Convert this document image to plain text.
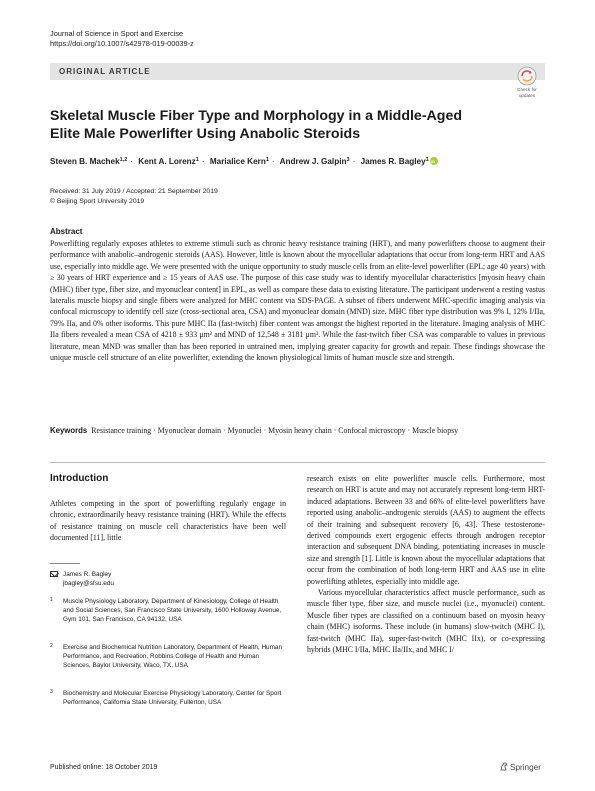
Journal of Science in Sport and Exercise
https://doi.org/10.1007/s42978-019-00039-z
ORIGINAL ARTICLE
Check for
updates
Skeletal Muscle Fiber Type and Morphology in a Middle-Aged Elite Male Powerlifter Using Anabolic Steroids
Steven B. Machek$^{1,2}$ · Kent A. Lorenz$^1$ · Marialice Kern$^1$ · Andrew J. Galpin$^3$ · James R. Bagley$^1$iD
Received: 31 July 2019 / Accepted: 21 September 2019
© Beijing Sport University 2019
Abstract

Powerlifting regularly exposes athletes to extreme stimuli such as chronic heavy resistance training (HRT), and many powerlifters choose to augment their performance with anabolic–androgenic steroids (AAS). However, little is known about the myocellular adaptations that occur from long-term HRT and AAS use, especially into middle age. We were presented with the unique opportunity to study muscle cells from an elite-level powerlifter (EPL; age 40 years) with ≥ 30 years of HRT experience and ≥ 15 years of AAS use. The purpose of this case study was to identify myocellular characteristics [myosin heavy chain (MHC) fiber type, fiber size, and myonuclear content] in EPL, as well as compare these data to existing literature. The participant underwent a resting vastus lateralis muscle biopsy and single fibers were analyzed for MHC content via SDS-PAGE. A subset of fibers underwent MHC-specific imaging analysis via confocal microscopy to identify cell size (cross-sectional area, CSA) and myonuclear domain (MND) size. MHC fiber type distribution was 9% I, 12% I/IIa, 79% IIa, and 0% other isoforms. This pure MHC IIa (fast-twitch) fiber content was amongst the highest reported in the literature. Imaging analysis of MHC IIa fibers revealed a mean CSA of 4218 ± 933 μm² and MND of 12,548 ± 3181 μm³. While the fast-twitch fiber CSA was comparable to values in previous literature, mean MND was smaller than has been reported in untrained men, implying greater capacity for growth and repair. These findings showcase the unique muscle cell structure of an elite powerlifter, extending the known physiological limits of human muscle size and strength.

Keywords Resistance training · Myonuclear domain · Myonuclei · Myosin heavy chain · Confocal microscopy · Muscle biopsy

Introduction

Athletes competing in the sport of powerlifting regularly engage in chronic, extraordinarily heavy resistance training (HRT). While the effects of resistance training on muscle cell characteristics have been well documented [11], little

James R. Bagley
jbagley@sfsu.edu
1	Muscle Physiology Laboratory, Department of Kinesiology, College of Health and Social Sciences, San Francisco State University, 1600 Holloway Avenue, Gym 101, San Francisco, CA 94132, USA
2	Exercise and Biochemical Nutrition Laboratory, Department of Health, Human Performance, and Recreation, Robbins College of Health and Human Sciences, Baylor University, Waco, TX, USA
3	Biochemistry and Molecular Exercise Physiology Laboratory, Center for Sport Performance, California State University, Fullerton, USA

research exists on elite powerlifter muscle cells. Furthermore, most research on HRT is acute and may not accurately represent long-term HRT-induced adaptations. Between 33 and 66% of elite-level powerlifters have reported using anabolic–androgenic steroids (AAS) to augment the effects of their training and subsequent recovery [6, 43]. These testosterone-derived compounds exert ergogenic effects through androgen receptor interaction and subsequent DNA binding, potentiating increases in muscle size and strength [1]. Little is known about the myocellular adaptations that occur from the combination of both long-term HRT and AAS use in elite powerlifting athletes, especially into middle age.

Various myocellular characteristics affect muscle performance, such as muscle fiber type, fiber size, and muscle nuclei (i.e., myonuclei) content. Muscle fiber types are classified on a continuum based on myosin heavy chain (MHC) isoforms. These include (in humans) slow-twitch (MHC I), fast-twitch (MHC IIa), super-fast-twitch (MHC IIx), or co-expressing hybrids (MHC I/IIa, MHC IIa/IIx, and MHC I/

Published online: 18 October 2019	Springer
